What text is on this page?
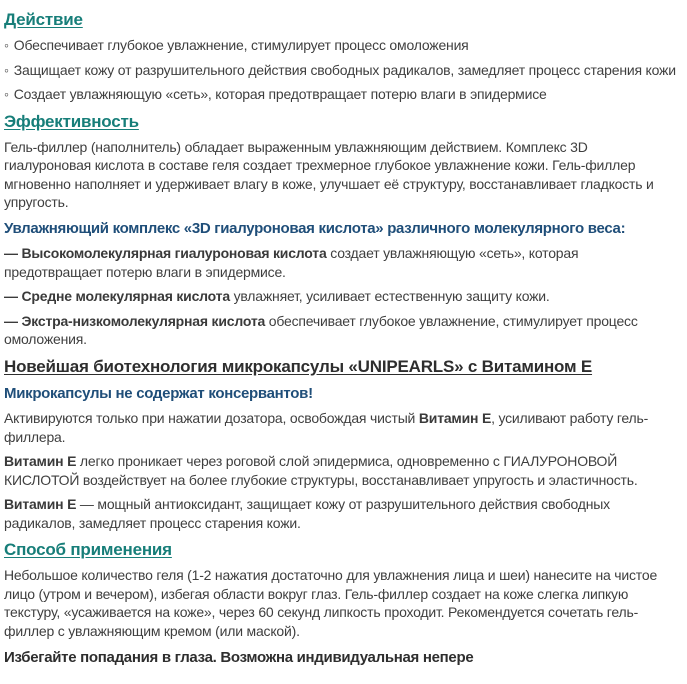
Действие

◦ Обеспечивает глубокое увлажнение, стимулирует процесс омоложения

◦ Защищает кожу от разрушительного действия свободных радикалов, замедляет процесс старения кожи

◦ Создает увлажняющую «сеть», которая предотвращает потерю влаги в эпидермисе

Эффективность

Гель-филлер (наполнитель) обладает выраженным увлажняющим действием. Комплекс 3D гиалуроновая кислота в составе геля создает трехмерное глубокое увлажнение кожи. Гель-филлер мгновенно наполняет и удерживает влагу в коже, улучшает её структуру, восстанавливает гладкость и упругость.

Увлажняющий комплекс «3D гиалуроновая кислота» различного молекулярного веса:

— Высокомолекулярная гиалуроновая кислота создает увлажняющую «сеть», которая предотвращает потерю влаги в эпидермисе.

— Средне молекулярная кислота увлажняет, усиливает естественную защиту кожи.

— Экстра-низкомолекулярная кислота обеспечивает глубокое увлажнение, стимулирует процесс омоложения.

Новейшая биотехнология микрокапсулы «UNIPEARLS» с Витамином Е

Микрокапсулы не содержат консервантов!

Активируются только при нажатии дозатора, освобождая чистый Витамин Е, усиливают работу гель-филлера.

Витамин Е легко проникает через роговой слой эпидермиса, одновременно с ГИАЛУРОНОВОЙ КИСЛОТОЙ воздействует на более глубокие структуры, восстанавливает упругость и эластичность.

Витамин Е — мощный антиоксидант, защищает кожу от разрушительного действия свободных радикалов, замедляет процесс старения кожи.

Способ применения

Небольшое количество геля (1-2 нажатия достаточно для увлажнения лица и шеи) нанесите на чистое лицо (утром и вечером), избегая области вокруг глаз. Гель-филлер создает на коже слегка липкую текстуру, «усаживается на коже», через 60 секунд липкость проходит. Рекомендуется сочетать гель-филлер с увлажняющим кремом (или маской).

Избегайте попадания в глаза. Возможна индивидуальная непере
